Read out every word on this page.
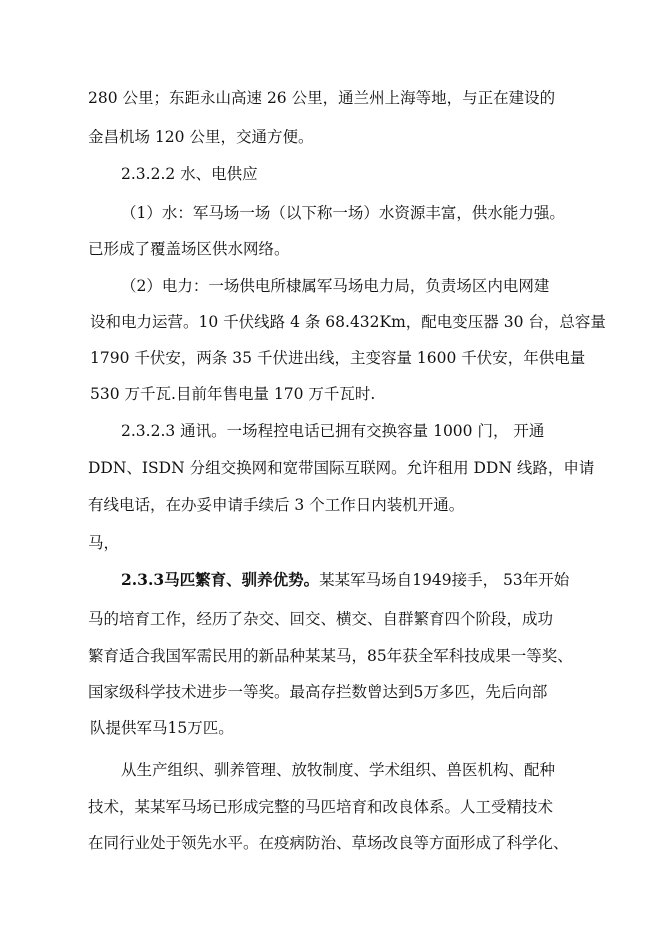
280 公里；东距永山高速 26 公里，通兰州上海等地，与正在建设的
金昌机场 120 公里，交通方便。
2.3.2.2 水、电供应
（1）水：军马场一场（以下称一场）水资源丰富，供水能力强。
已形成了覆盖场区供水网络。
（2）电力：一场供电所棣属军马场电力局，负责场区内电网建
设和电力运营。10 千伏线路 4 条 68.432Km，配电变压器 30 台，总容量
1790 千伏安，两条 35 千伏进出线，主变容量 1600 千伏安，年供电量
530 万千瓦.目前年售电量 170 万千瓦时.
2.3.2.3 通讯。一场程控电话已拥有交换容量 1000 门， 开通
DDN、ISDN 分组交换网和宽带国际互联网。允许租用 DDN 线路，申请
有线电话，在办妥申请手续后 3 个工作日内装机开通。
马，
2.3.3马匹繁育、驯养优势。某某军马场自1949接手， 53年开始
马的培育工作，经历了杂交、回交、横交、自群繁育四个阶段，成功
繁育适合我国军需民用的新品种某某马，85年获全军科技成果一等奖、
国家级科学技术进步一等奖。最高存拦数曾达到5万多匹，先后向部
队提供军马15万匹。
从生产组织、驯养管理、放牧制度、学术组织、兽医机构、配种
技术，某某军马场已形成完整的马匹培育和改良体系。人工受精技术
在同行业处于领先水平。在疫病防治、草场改良等方面形成了科学化、
